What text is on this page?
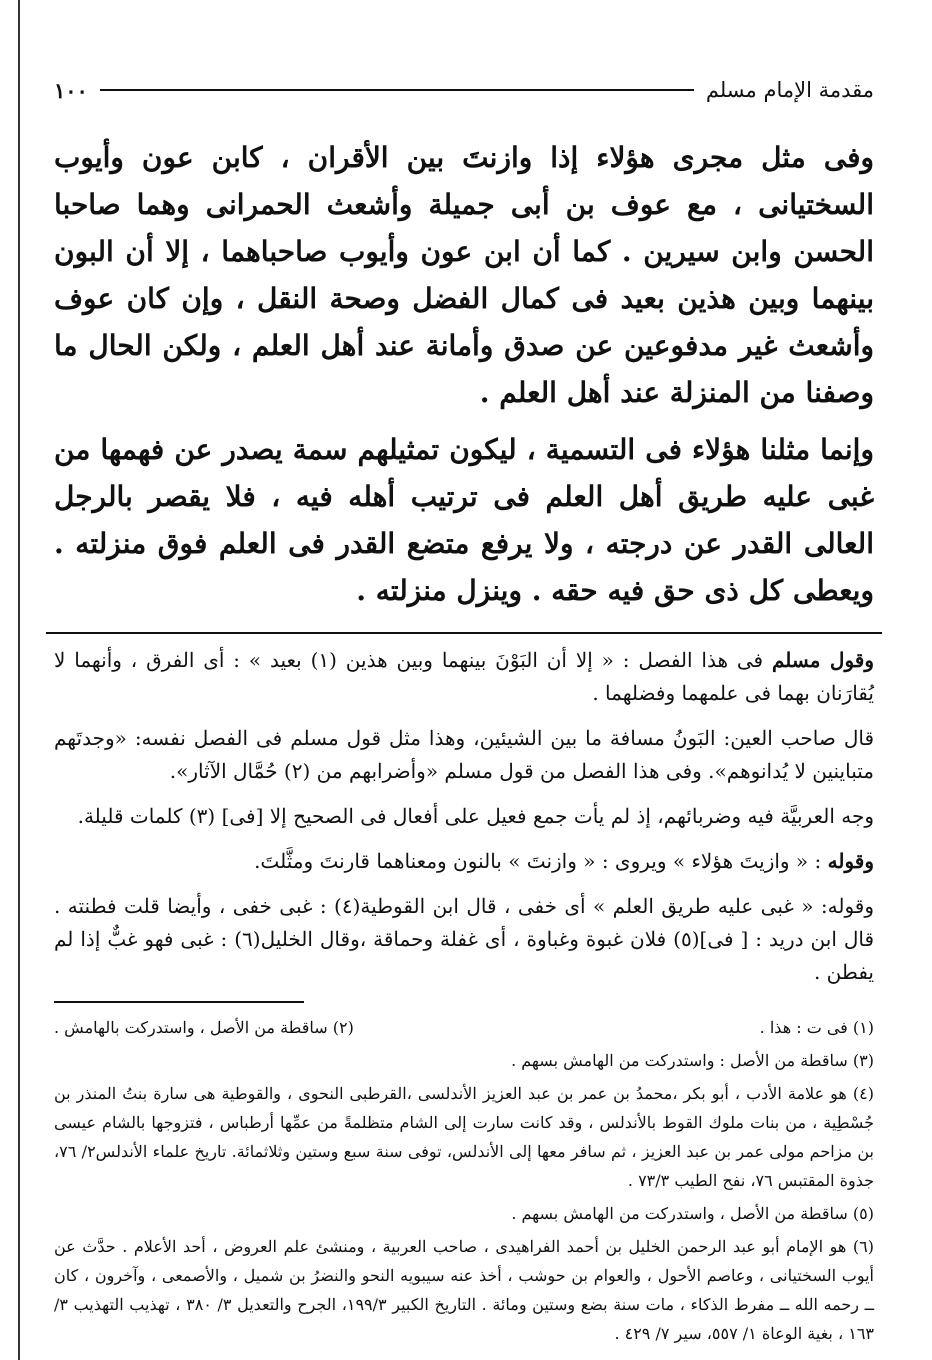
مقدمة الإمام مسلم
١٠٠

وفى مثل مجرى هؤلاء إذا وازنتَ بين الأقران ، كابن عون وأيوب السختيانى ، مع عوف بن أبى جميلة وأشعث الحمرانى وهما صاحبا الحسن وابن سيرين . كما أن ابن عون وأيوب صاحباهما ، إلا أن البون بينهما وبين هذين بعيد فى كمال الفضل وصحة النقل ، وإن كان عوف وأشعث غير مدفوعين عن صدق وأمانة عند أهل العلم ، ولكن الحال ما وصفنا من المنزلة عند أهل العلم .

وإنما مثلنا هؤلاء فى التسمية ، ليكون تمثيلهم سمة يصدر عن فهمها من غبى عليه طريق أهل العلم فى ترتيب أهله فيه ، فلا يقصر بالرجل العالى القدر عن درجته ، ولا يرفع متضع القدر فى العلم فوق منزلته . ويعطى كل ذى حق فيه حقه . وينزل منزلته .

وقول مسلم فى هذا الفصل : « إلا أن البَوْنَ بينهما وبين هذين (١) بعيد » : أى الفرق ، وأنهما لا يُقارَنان بهما فى علمهما وفضلهما .

قال صاحب العين: البَونُ مسافة ما بين الشيئين، وهذا مثل قول مسلم فى الفصل نفسه: «وجدتَهم متباينين لا يُدانوهم». وفى هذا الفصل من قول مسلم «وأضرابهم من (٢) حُمَّال الآثار».

وجه العربيَّة فيه وضربائهم، إذ لم يأت جمع فعيل على أفعال فى الصحيح إلا [فى] (٣) كلمات قليلة.

وقوله : « وازيتَ هؤلاء » ويروى : « وازنتَ » بالنون ومعناهما قارنتَ ومثَّلتَ.

وقوله: « غبى عليه طريق العلم » أى خفى ، قال ابن القوطية(٤) : غبى خفى ، وأيضا قلت فطنته . قال ابن دريد : [ فى](٥) فلان غبوة وغباوة ، أى غفلة وحماقة ،وقال الخليل(٦) : غبى فهو غبٌّ إذا لم يفطن .

(١) فى ت : هذا .
(٢) ساقطة من الأصل ، واستدركت بالهامش .

(٣) ساقطة من الأصل : واستدركت من الهامش بسهم .

(٤) هو علامة الأدب ، أبو بكر ،محمدُ بن عمر بن عبد العزيز الأندلسى ،القرطبى النحوى ، والقوطية هى سارة بنتُ المنذر بن جُسْطِية ، من بنات ملوك القوط بالأندلس ، وقد كانت سارت إلى الشام متظلمةً من عمِّها أرطباس ، فتزوجها بالشام عيسى بن مزاحم مولى عمر بن عبد العزيز ، ثم سافر معها إلى الأندلس، توفى سنة سبع وستين وثلاثمائة. تاريخ علماء الأندلس٢/ ٧٦، جذوة المقتبس ٧٦، نفح الطيب ٧٣/٣ .

(٥) ساقطة من الأصل ، واستدركت من الهامش بسهم .

(٦) هو الإمام أبو عبد الرحمن الخليل بن أحمد الفراهيدى ، صاحب العربية ، ومنشئ علم العروض ، أحد الأعلام . حدَّث عن أيوب السختيانى ، وعاصم الأحول ، والعوام بن حوشب ، أخذ عنه سيبويه النحو والنضرُ بن شميل ، والأصمعى ، وآخرون ، كان ــ رحمه الله ــ مفرط الذكاء ، مات سنة بضع وستين ومائة . التاريخ الكبير ١٩٩/٣، الجرح والتعديل ٣/ ٣٨٠ ، تهذيب التهذيب ٣/ ١٦٣ ، بغية الوعاة ١/ ٥٥٧، سير ٧/ ٤٢٩ .
